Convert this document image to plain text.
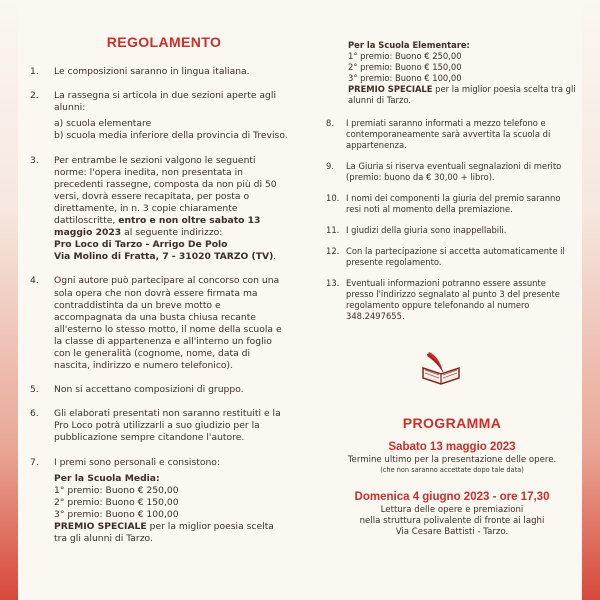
REGOLAMENTO
1.	Le composizioni saranno in lingua italiana.
2.	La rassegna si articola in due sezioni aperte agli alunni:
a) scuola elementare
b) scuola media inferiore della provincia di Treviso.
3.	Per entrambe le sezioni valgono le seguenti norme: l'opera inedita, non presentata in precedenti rassegne, composta da non più di 50 versi, dovrà essere recapitata, per posta o direttamente, in n. 3 copie chiaramente dattiloscritte, entro e non oltre sabato 13 maggio 2023 al seguente indirizzo:
Pro Loco di Tarzo - Arrigo De Polo
Via Molino di Fratta, 7 - 31020 TARZO (TV).
4.	Ogni autore può partecipare al concorso con una sola opera che non dovrà essere firmata ma contraddistinta da un breve motto e accompagnata da una busta chiusa recante all'esterno lo stesso motto, il nome della scuola e la classe di appartenenza e all'interno un foglio con le generalità (cognome, nome, data di nascita, indirizzo e numero telefonico).
5.	Non si accettano composizioni di gruppo.
6.	Gli elaborati presentati non saranno restituiti e la Pro Loco potrà utilizzarli a suo giudizio per la pubblicazione sempre citandone l'autore.
7.	I premi sono personali e consistono:
Per la Scuola Media:
1° premio: Buono € 250,00
2° premio: Buono € 150,00
3° premio: Buono € 100,00
PREMIO SPECIALE per la miglior poesia scelta tra gli alunni di Tarzo.
Per la Scuola Elementare:
1° premio: Buono € 250,00
2° premio: Buono € 150,00
3° premio: Buono € 100,00
PREMIO SPECIALE per la miglior poesia scelta tra gli alunni di Tarzo.
8.	I premiati saranno informati a mezzo telefono e contemporaneamente sarà avvertita la scuola di appartenenza.
9.	La Giuria si riserva eventuali segnalazioni di merito (premio: buono da € 30,00 + libro).
10. I nomi dei componenti la giuria del premio saranno resi noti al momento della premiazione.
11. I giudizi della giuria sono inappellabili.
12. Con la partecipazione si accetta automaticamente il presente regolamento.
13. Eventuali informazioni potranno essere assunte presso l'indirizzo segnalato al punto 3 del presente regolamento oppure telefonando al numero 348.2497655.
PROGRAMMA
Sabato 13 maggio 2023
Termine ultimo per la presentazione delle opere.
(che non saranno accettate dopo tale data)
Domenica 4 giugno 2023 - ore 17,30
Lettura delle opere e premiazioni
nella struttura polivalente di fronte ai laghi
Via Cesare Battisti - Tarzo.
